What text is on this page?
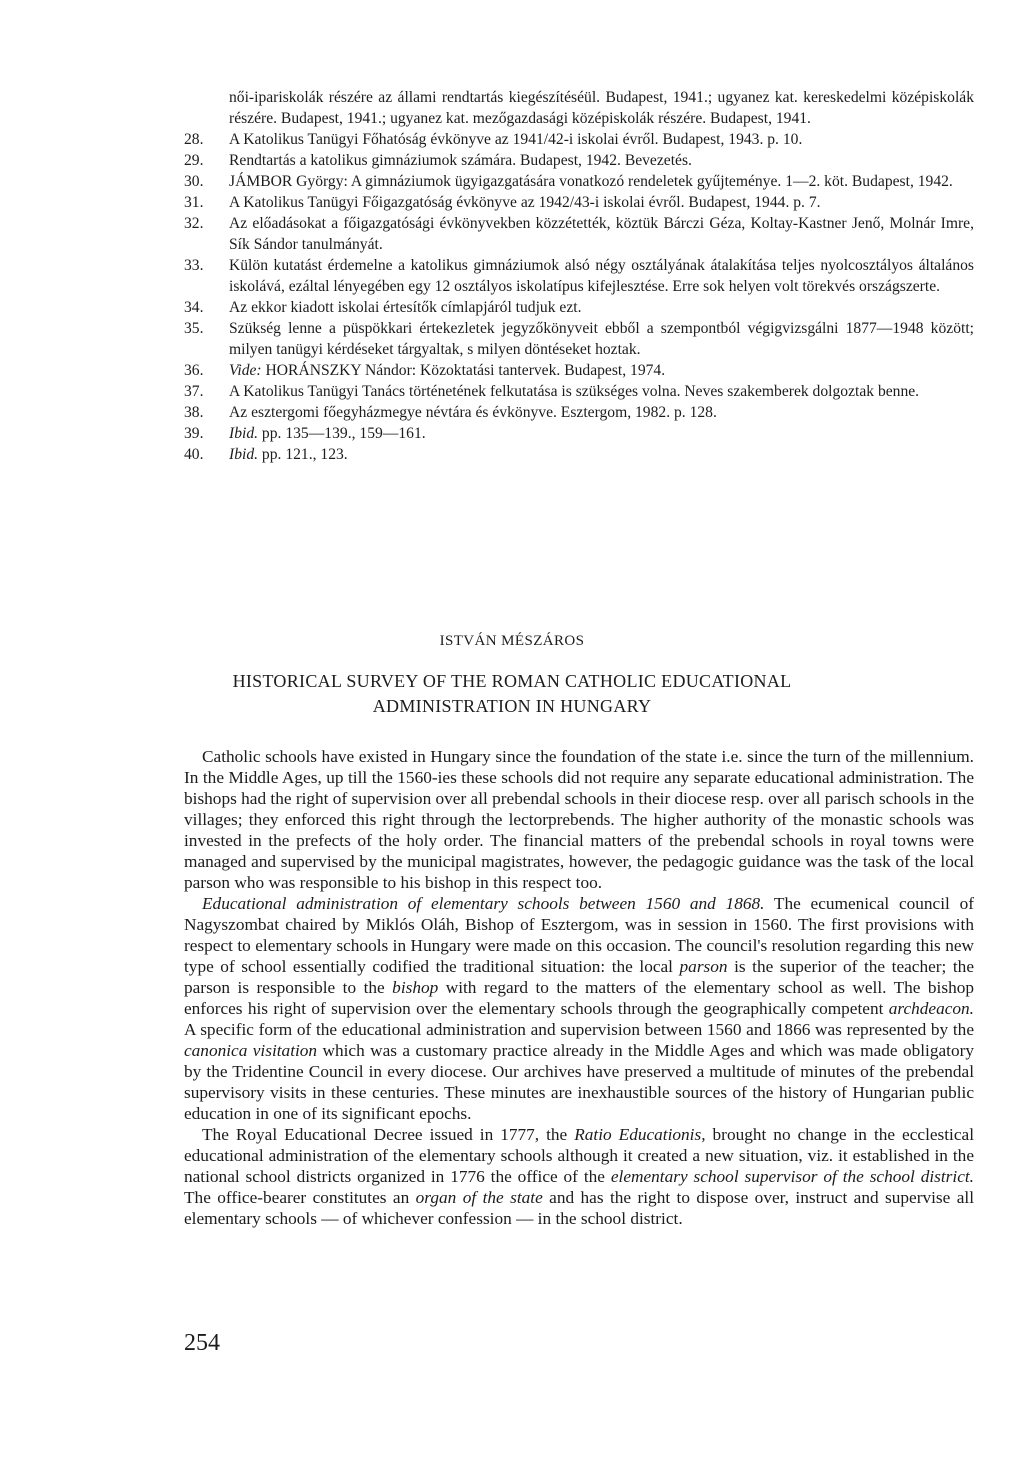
női-ipariskolák részére az állami rendtartás kiegészítéséül. Budapest, 1941.; ugyanez kat. kereskedelmi középiskolák részére. Budapest, 1941.; ugyanez kat. mezőgazdasági középiskolák részére. Budapest, 1941.
28. A Katolikus Tanügyi Főhatóság évkönyve az 1941/42-i iskolai évről. Budapest, 1943. p. 10.
29. Rendtartás a katolikus gimnáziumok számára. Budapest, 1942. Bevezetés.
30. JÁMBOR György: A gimnáziumok ügyigazgatására vonatkozó rendeletek gyűjteménye. 1—2. köt. Budapest, 1942.
31. A Katolikus Tanügyi Főigazgatóság évkönyve az 1942/43-i iskolai évről. Budapest, 1944. p. 7.
32. Az előadásokat a főigazgatósági évkönyvekben közzétették, köztük Bárczi Géza, Koltay-Kastner Jenő, Molnár Imre, Sík Sándor tanulmányát.
33. Külön kutatást érdemelne a katolikus gimnáziumok alsó négy osztályának átalakítása teljes nyolcosztályos általános iskolává, ezáltal lényegében egy 12 osztályos iskolatípus kifejlesztése. Erre sok helyen volt törekvés országszerte.
34. Az ekkor kiadott iskolai értesítők címlapjáról tudjuk ezt.
35. Szükség lenne a püspökkari értekezletek jegyzőkönyveit ebből a szempontból végigvizsgálni 1877—1948 között; milyen tanügyi kérdéseket tárgyaltak, s milyen döntéseket hoztak.
36. Vide: HORÁNSZKY Nándor: Közoktatási tantervek. Budapest, 1974.
37. A Katolikus Tanügyi Tanács történetének felkutatása is szükséges volna. Neves szakemberek dolgoztak benne.
38. Az esztergomi főegyházmegye névtára és évkönyve. Esztergom, 1982. p. 128.
39. Ibid. pp. 135—139., 159—161.
40. Ibid. pp. 121., 123.
ISTVÁN MÉSZÁROS
HISTORICAL SURVEY OF THE ROMAN CATHOLIC EDUCATIONAL
ADMINISTRATION IN HUNGARY

Catholic schools have existed in Hungary since the foundation of the state i.e. since the turn of the millennium. In the Middle Ages, up till the 1560-ies these schools did not require any separate educational administration. The bishops had the right of supervision over all prebendal schools in their diocese resp. over all parisch schools in the villages; they enforced this right through the lectorprebends. The higher authority of the monastic schools was invested in the prefects of the holy order. The financial matters of the prebendal schools in royal towns were managed and supervised by the municipal magistrates, however, the pedagogic guidance was the task of the local parson who was responsible to his bishop in this respect too.

Educational administration of elementary schools between 1560 and 1868. The ecumenical council of Nagyszombat chaired by Miklós Oláh, Bishop of Esztergom, was in session in 1560. The first provisions with respect to elementary schools in Hungary were made on this occasion. The council's resolution regarding this new type of school essentially codified the traditional situation: the local parson is the superior of the teacher; the parson is responsible to the bishop with regard to the matters of the elementary school as well. The bishop enforces his right of supervision over the elementary schools through the geographically competent archdeacon. A specific form of the educational administration and supervision between 1560 and 1866 was represented by the canonica visitation which was a customary practice already in the Middle Ages and which was made obligatory by the Tridentine Council in every diocese. Our archives have preserved a multitude of minutes of the prebendal supervisory visits in these centuries. These minutes are inexhaustible sources of the history of Hungarian public education in one of its significant epochs.

The Royal Educational Decree issued in 1777, the Ratio Educationis, brought no change in the ecclestical educational administration of the elementary schools although it created a new situation, viz. it established in the national school districts organized in 1776 the office of the elementary school supervisor of the school district. The office-bearer constitutes an organ of the state and has the right to dispose over, instruct and supervise all elementary schools — of whichever confession — in the school district.

254
